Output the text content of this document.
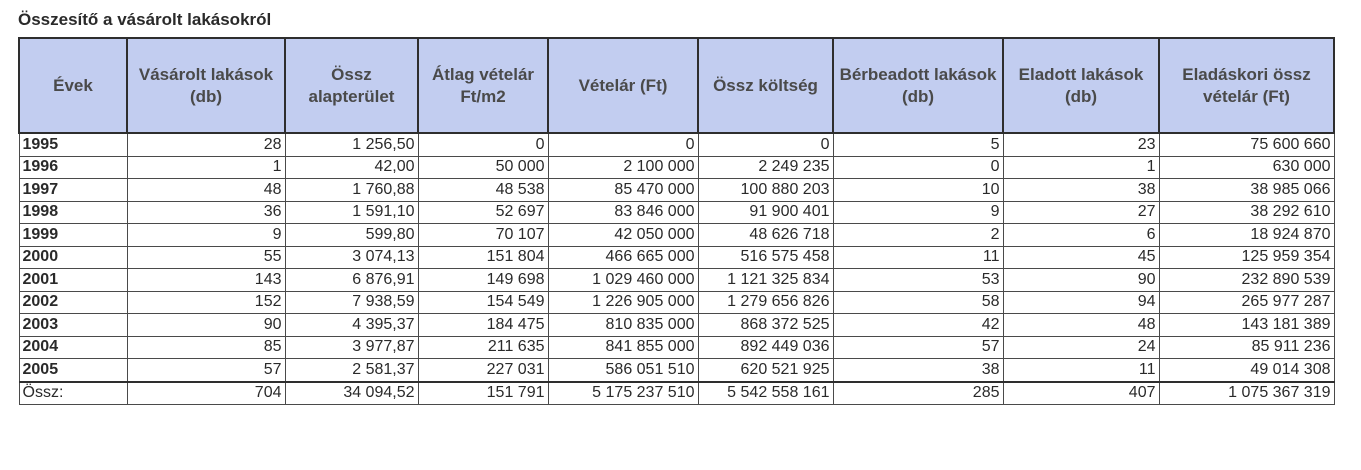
Összesítő a vásárolt lakásokról
Évek	Vásárolt lakások (db)	Össz alapterület	Átlag vételár Ft/m2	Vételár (Ft)	Össz költség	Bérbeadott lakások (db)	Eladott lakások (db)	Eladáskori össz vételár (Ft)
1995	28	1 256,50	0	0	0	5	23	75 600 660
1996	1	42,00	50 000	2 100 000	2 249 235	0	1	630 000
1997	48	1 760,88	48 538	85 470 000	100 880 203	10	38	38 985 066
1998	36	1 591,10	52 697	83 846 000	91 900 401	9	27	38 292 610
1999	9	599,80	70 107	42 050 000	48 626 718	2	6	18 924 870
2000	55	3 074,13	151 804	466 665 000	516 575 458	11	45	125 959 354
2001	143	6 876,91	149 698	1 029 460 000	1 121 325 834	53	90	232 890 539
2002	152	7 938,59	154 549	1 226 905 000	1 279 656 826	58	94	265 977 287
2003	90	4 395,37	184 475	810 835 000	868 372 525	42	48	143 181 389
2004	85	3 977,87	211 635	841 855 000	892 449 036	57	24	85 911 236
2005	57	2 581,37	227 031	586 051 510	620 521 925	38	11	49 014 308
Össz:	704	34 094,52	151 791	5 175 237 510	5 542 558 161	285	407	1 075 367 319
